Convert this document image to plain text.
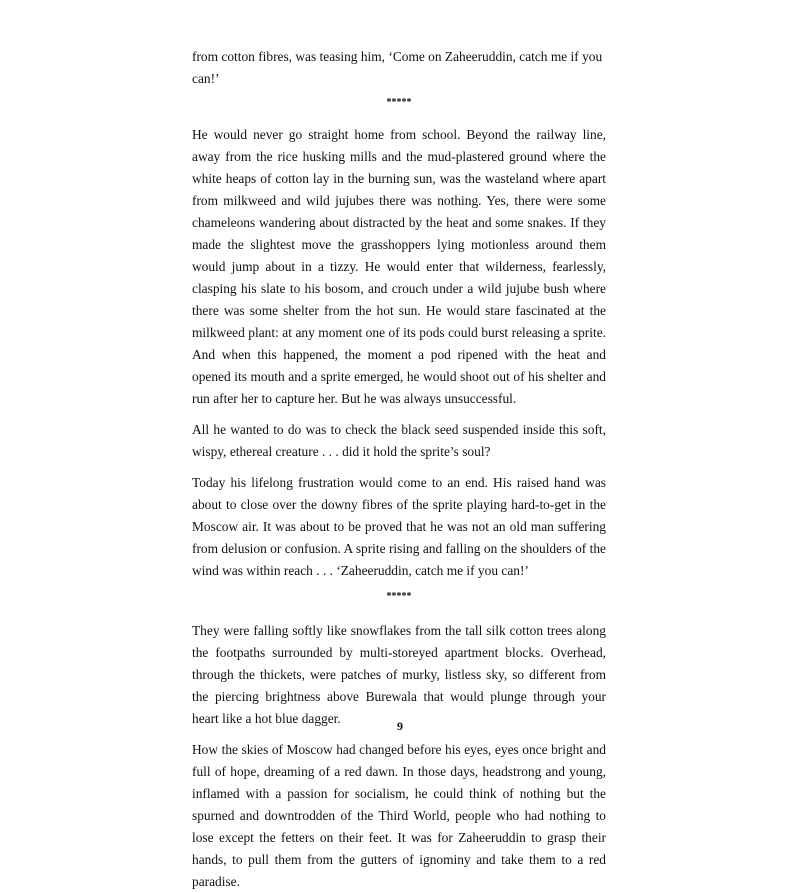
from cotton fibres, was teasing him, ‘Come on Zaheeruddin, catch me if you can!’

*****

He would never go straight home from school. Beyond the railway line, away from the rice husking mills and the mud-plastered ground where the white heaps of cotton lay in the burning sun, was the wasteland where apart from milkweed and wild jujubes there was nothing. Yes, there were some chameleons wandering about distracted by the heat and some snakes. If they made the slightest move the grasshoppers lying motionless around them would jump about in a tizzy. He would enter that wilderness, fearlessly, clasping his slate to his bosom, and crouch under a wild jujube bush where there was some shelter from the hot sun. He would stare fascinated at the milkweed plant: at any moment one of its pods could burst releasing a sprite. And when this happened, the moment a pod ripened with the heat and opened its mouth and a sprite emerged, he would shoot out of his shelter and run after her to capture her. But he was always unsuccessful.

All he wanted to do was to check the black seed suspended inside this soft, wispy, ethereal creature . . . did it hold the sprite’s soul?

Today his lifelong frustration would come to an end. His raised hand was about to close over the downy fibres of the sprite playing hard-to-get in the Moscow air. It was about to be proved that he was not an old man suffering from delusion or confusion. A sprite rising and falling on the shoulders of the wind was within reach . . . ‘Zaheeruddin, catch me if you can!’

*****

They were falling softly like snowflakes from the tall silk cotton trees along the footpaths surrounded by multi-storeyed apartment blocks. Overhead, through the thickets, were patches of murky, listless sky, so different from the piercing brightness above Burewala that would plunge through your heart like a hot blue dagger.

How the skies of Moscow had changed before his eyes, eyes once bright and full of hope, dreaming of a red dawn. In those days, headstrong and young, inflamed with a passion for socialism, he could think of nothing but the spurned and downtrodden of the Third World, people who had nothing to lose except the fetters on their feet. It was for Zaheeruddin to grasp their hands, to pull them from the gutters of ignominy and take them to a red paradise.

9
